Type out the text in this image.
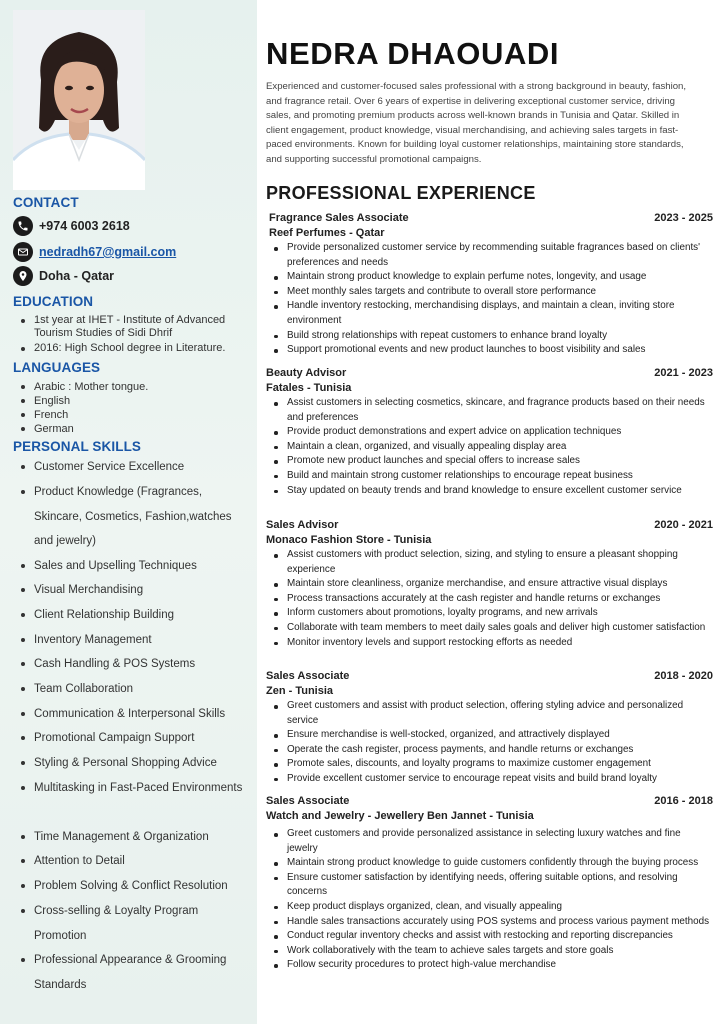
CONTACT
+974 6003 2618
nedradh67@gmail.com
Doha - Qatar
EDUCATION
1st year at IHET - Institute of Advanced Tourism Studies of Sidi Dhrif
2016: High School degree in Literature.
LANGUAGES
Arabic : Mother tongue.
English
French
German
PERSONAL SKILLS
Customer Service Excellence
Product Knowledge (Fragrances, Skincare, Cosmetics, Fashion,watches and jewelry)
Sales and Upselling Techniques
Visual Merchandising
Client Relationship Building
Inventory Management
Cash Handling & POS Systems
Team Collaboration
Communication & Interpersonal Skills
Promotional Campaign Support
Styling & Personal Shopping Advice
Multitasking in Fast-Paced Environments
Time Management & Organization
Attention to Detail
Problem Solving & Conflict Resolution
Cross-selling & Loyalty Program Promotion
Professional Appearance & Grooming Standards
NEDRA DHAOUADI

Experienced and customer-focused sales professional with a strong background in beauty, fashion, and fragrance retail. Over 6 years of expertise in delivering exceptional customer service, driving sales, and promoting premium products across well-known brands in Tunisia and Qatar. Skilled in client engagement, product knowledge, visual merchandising, and achieving sales targets in fast-paced environments. Known for building loyal customer relationships, maintaining store standards, and supporting successful promotional campaigns.

PROFESSIONAL EXPERIENCE
Fragrance Sales Associate	2023 - 2025
Reef Perfumes - Qatar
Provide personalized customer service by recommending suitable fragrances based on clients' preferences and needs
Maintain strong product knowledge to explain perfume notes, longevity, and usage
Meet monthly sales targets and contribute to overall store performance
Handle inventory restocking, merchandising displays, and maintain a clean, inviting store environment
Build strong relationships with repeat customers to enhance brand loyalty
Support promotional events and new product launches to boost visibility and sales
Beauty Advisor	2021 - 2023
Fatales - Tunisia
Assist customers in selecting cosmetics, skincare, and fragrance products based on their needs and preferences
Provide product demonstrations and expert advice on application techniques
Maintain a clean, organized, and visually appealing display area
Promote new product launches and special offers to increase sales
Build and maintain strong customer relationships to encourage repeat business
Stay updated on beauty trends and brand knowledge to ensure excellent customer service
Sales Advisor	2020 - 2021
Monaco Fashion Store - Tunisia
Assist customers with product selection, sizing, and styling to ensure a pleasant shopping experience
Maintain store cleanliness, organize merchandise, and ensure attractive visual displays
Process transactions accurately at the cash register and handle returns or exchanges
Inform customers about promotions, loyalty programs, and new arrivals
Collaborate with team members to meet daily sales goals and deliver high customer satisfaction
Monitor inventory levels and support restocking efforts as needed
Sales Associate	2018 - 2020
Zen - Tunisia
Greet customers and assist with product selection, offering styling advice and personalized service
Ensure merchandise is well-stocked, organized, and attractively displayed
Operate the cash register, process payments, and handle returns or exchanges
Promote sales, discounts, and loyalty programs to maximize customer engagement
Provide excellent customer service to encourage repeat visits and build brand loyalty
Sales Associate	2016 - 2018
Watch and Jewelry - Jewellery Ben Jannet - Tunisia
Greet customers and provide personalized assistance in selecting luxury watches and fine jewelry
Maintain strong product knowledge to guide customers confidently through the buying process
Ensure customer satisfaction by identifying needs, offering suitable options, and resolving concerns
Keep product displays organized, clean, and visually appealing
Handle sales transactions accurately using POS systems and process various payment methods
Conduct regular inventory checks and assist with restocking and reporting discrepancies
Work collaboratively with the team to achieve sales targets and store goals
Follow security procedures to protect high-value merchandise
